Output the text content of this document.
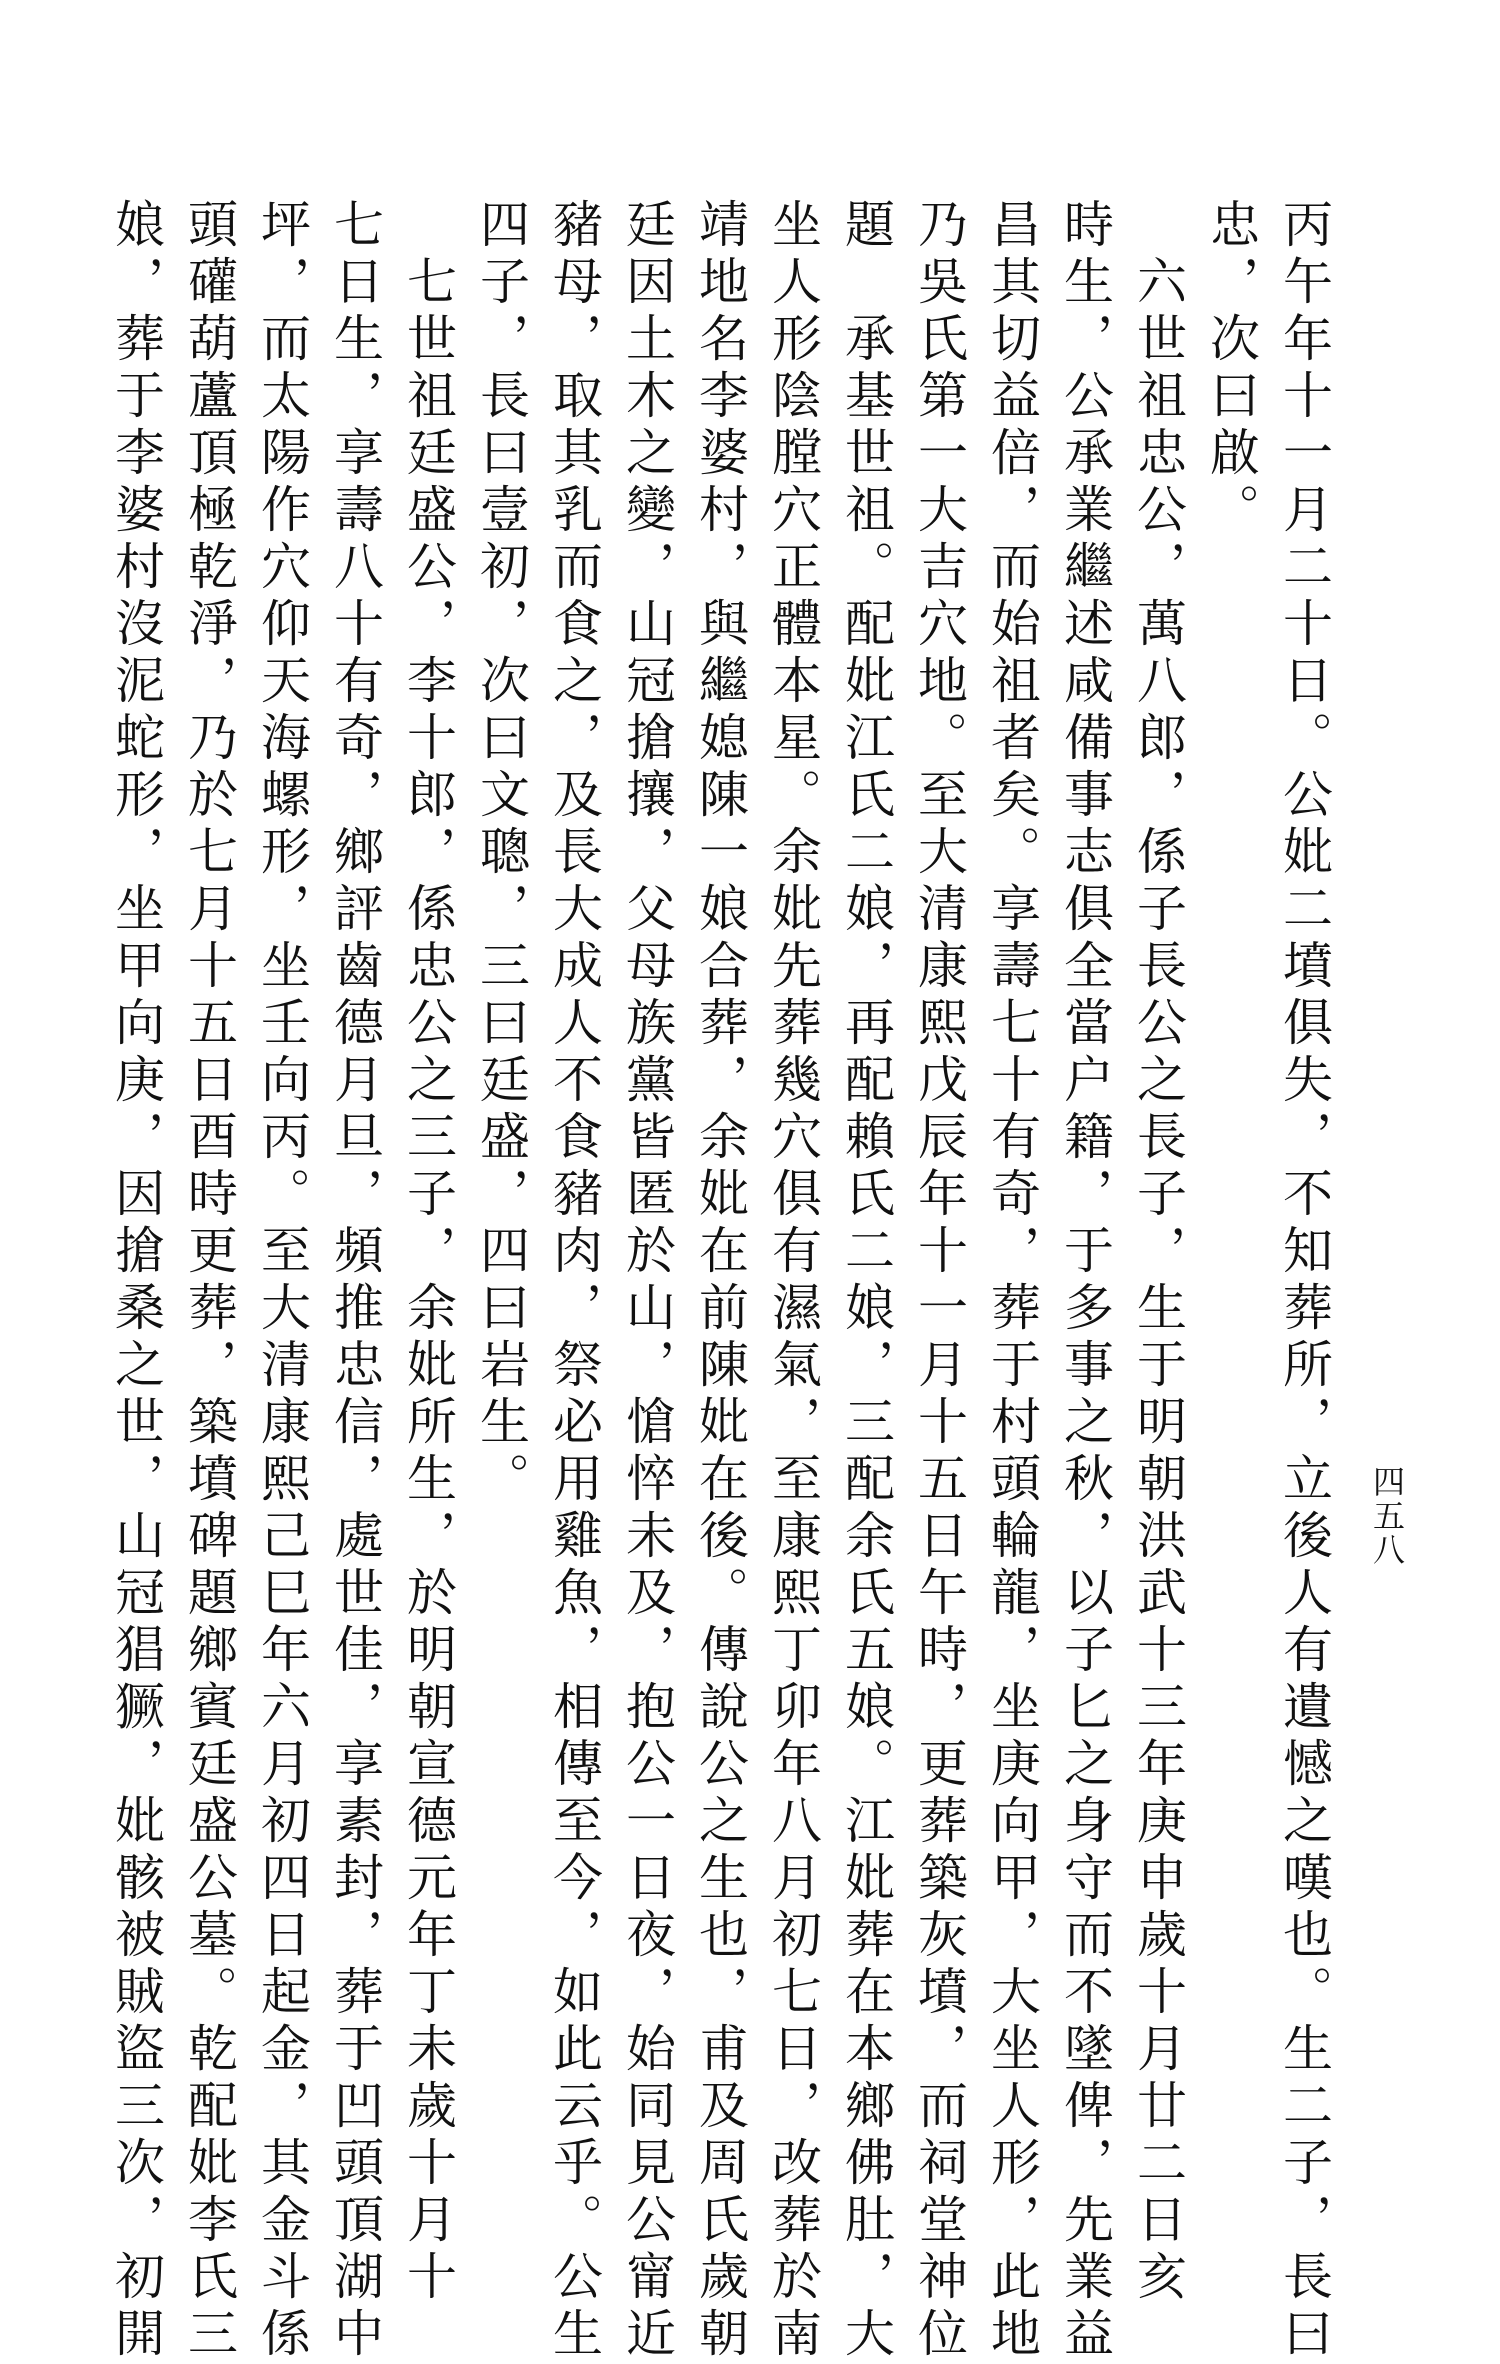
四五八
丙午年十一月二十日。公妣二墳俱失，不知葬所，立後人有遺憾之嘆也。生二子，長曰
忠，次曰啟。
　六世祖忠公，萬八郎，係子長公之長子，生于明朝洪武十三年庚申歲十月廿二日亥
時生，公承業繼述咸備事志俱全當户籍，于多事之秋，以子匕之身守而不墜俾，先業益
昌其切益倍，而始祖者矣。享壽七十有奇，葬于村頭輪龍，坐庚向甲，大坐人形，此地
乃吳氏第一大吉穴地。至大清康熙戊辰年十一月十五日午時，更葬築灰墳，而祠堂神位
題　承基世祖。配妣江氏二娘，再配賴氏二娘，三配余氏五娘。江妣葬在本鄉佛肚，大
坐人形陰膛穴正體本星。余妣先葬幾穴俱有濕氣，至康熙丁卯年八月初七日，改葬於南
靖地名李婆村，與繼媳陳一娘合葬，余妣在前陳妣在後。傳說公之生也，甫及周氏歲朝
廷因土木之變，山冠搶攘，父母族黨皆匿於山，愴悴未及，抱公一日夜，始同見公甯近
豬母，取其乳而食之，及長大成人不食豬肉，祭必用雞魚，相傳至今，如此云乎。公生
四子，長曰壹初，次曰文聰，三曰廷盛，四曰岩生。
　七世祖廷盛公，李十郎，係忠公之三子，余妣所生，於明朝宣德元年丁未歲十月十
七日生，享壽八十有奇，鄉評齒德月旦，頻推忠信，處世佳，享素封，葬于凹頭頂湖中
坪，而太陽作穴仰天海螺形，坐壬向丙。至大清康熙己巳年六月初四日起金，其金斗係
頭礶葫蘆頂極乾淨，乃於七月十五日酉時更葬，築墳碑題鄉賓廷盛公墓。乾配妣李氏三
娘，葬于李婆村沒泥蛇形，坐甲向庚，因搶桑之世，山冠猖獗，妣骸被賊盜三次，初開
